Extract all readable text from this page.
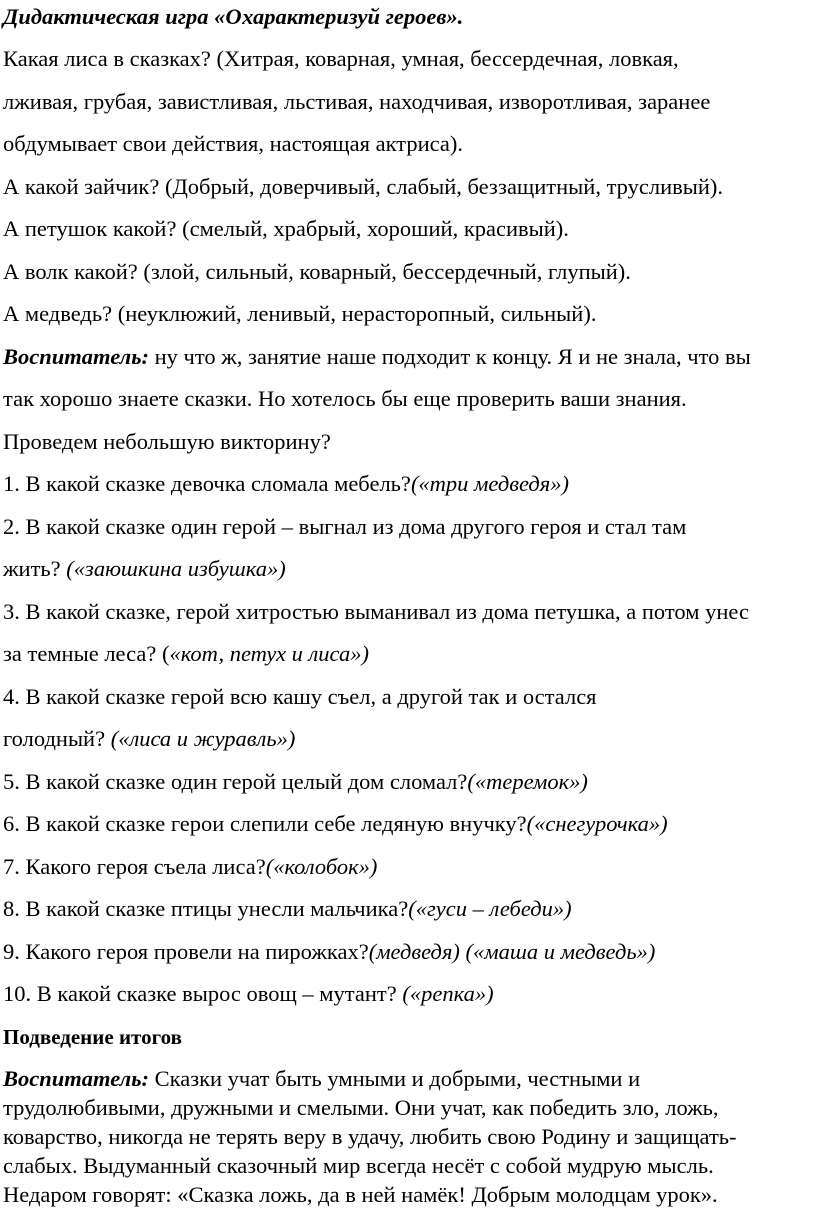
Дидактическая игра «Охарактеризуй героев».
Какая лиса в сказках? (Хитрая, коварная, умная, бессердечная, ловкая,
лживая, грубая, завистливая, льстивая, находчивая, изворотливая, заранее
обдумывает свои действия, настоящая актриса).
А какой зайчик? (Добрый, доверчивый, слабый, беззащитный, трусливый).
А петушок какой? (смелый, храбрый, хороший, красивый).
А волк какой? (злой, сильный, коварный, бессердечный, глупый).
А медведь? (неуклюжий, ленивый, нерасторопный, сильный).
Воспитатель: ну что ж, занятие наше подходит к концу. Я и не знала, что вы
так хорошо знаете сказки. Но хотелось бы еще проверить ваши знания.
Проведем небольшую викторину?
1. В какой сказке девочка сломала мебель?(«три медведя»)
2. В какой сказке один герой – выгнал из дома другого героя и стал там
жить? («заюшкина избушка»)
3. В какой сказке, герой хитростью выманивал из дома петушка, а потом унес
за темные леса? («кот, петух и лиса»)
4. В какой сказке герой всю кашу съел, а другой так и остался
голодный? («лиса и журавль»)
5. В какой сказке один герой целый дом сломал?(«теремок»)
6. В какой сказке герои слепили себе ледяную внучку?(«снегурочка»)
7. Какого героя съела лиса?(«колобок»)
8. В какой сказке птицы унесли мальчика?(«гуси – лебеди»)
9. Какого героя провели на пирожках?(медведя) («маша и медведь»)
10. В какой сказке вырос овощ – мутант? («репка»)
Подведение итогов
Воспитатель: Сказки учат быть умными и добрыми, честными и
трудолюбивыми, дружными и смелыми. Они учат, как победить зло, ложь,
коварство, никогда не терять веру в удачу, любить свою Родину и защищать-
слабых. Выдуманный сказочный мир всегда несёт с собой мудрую мысль.
Недаром говорят: «Сказка ложь, да в ней намёк! Добрым молодцам урок».
